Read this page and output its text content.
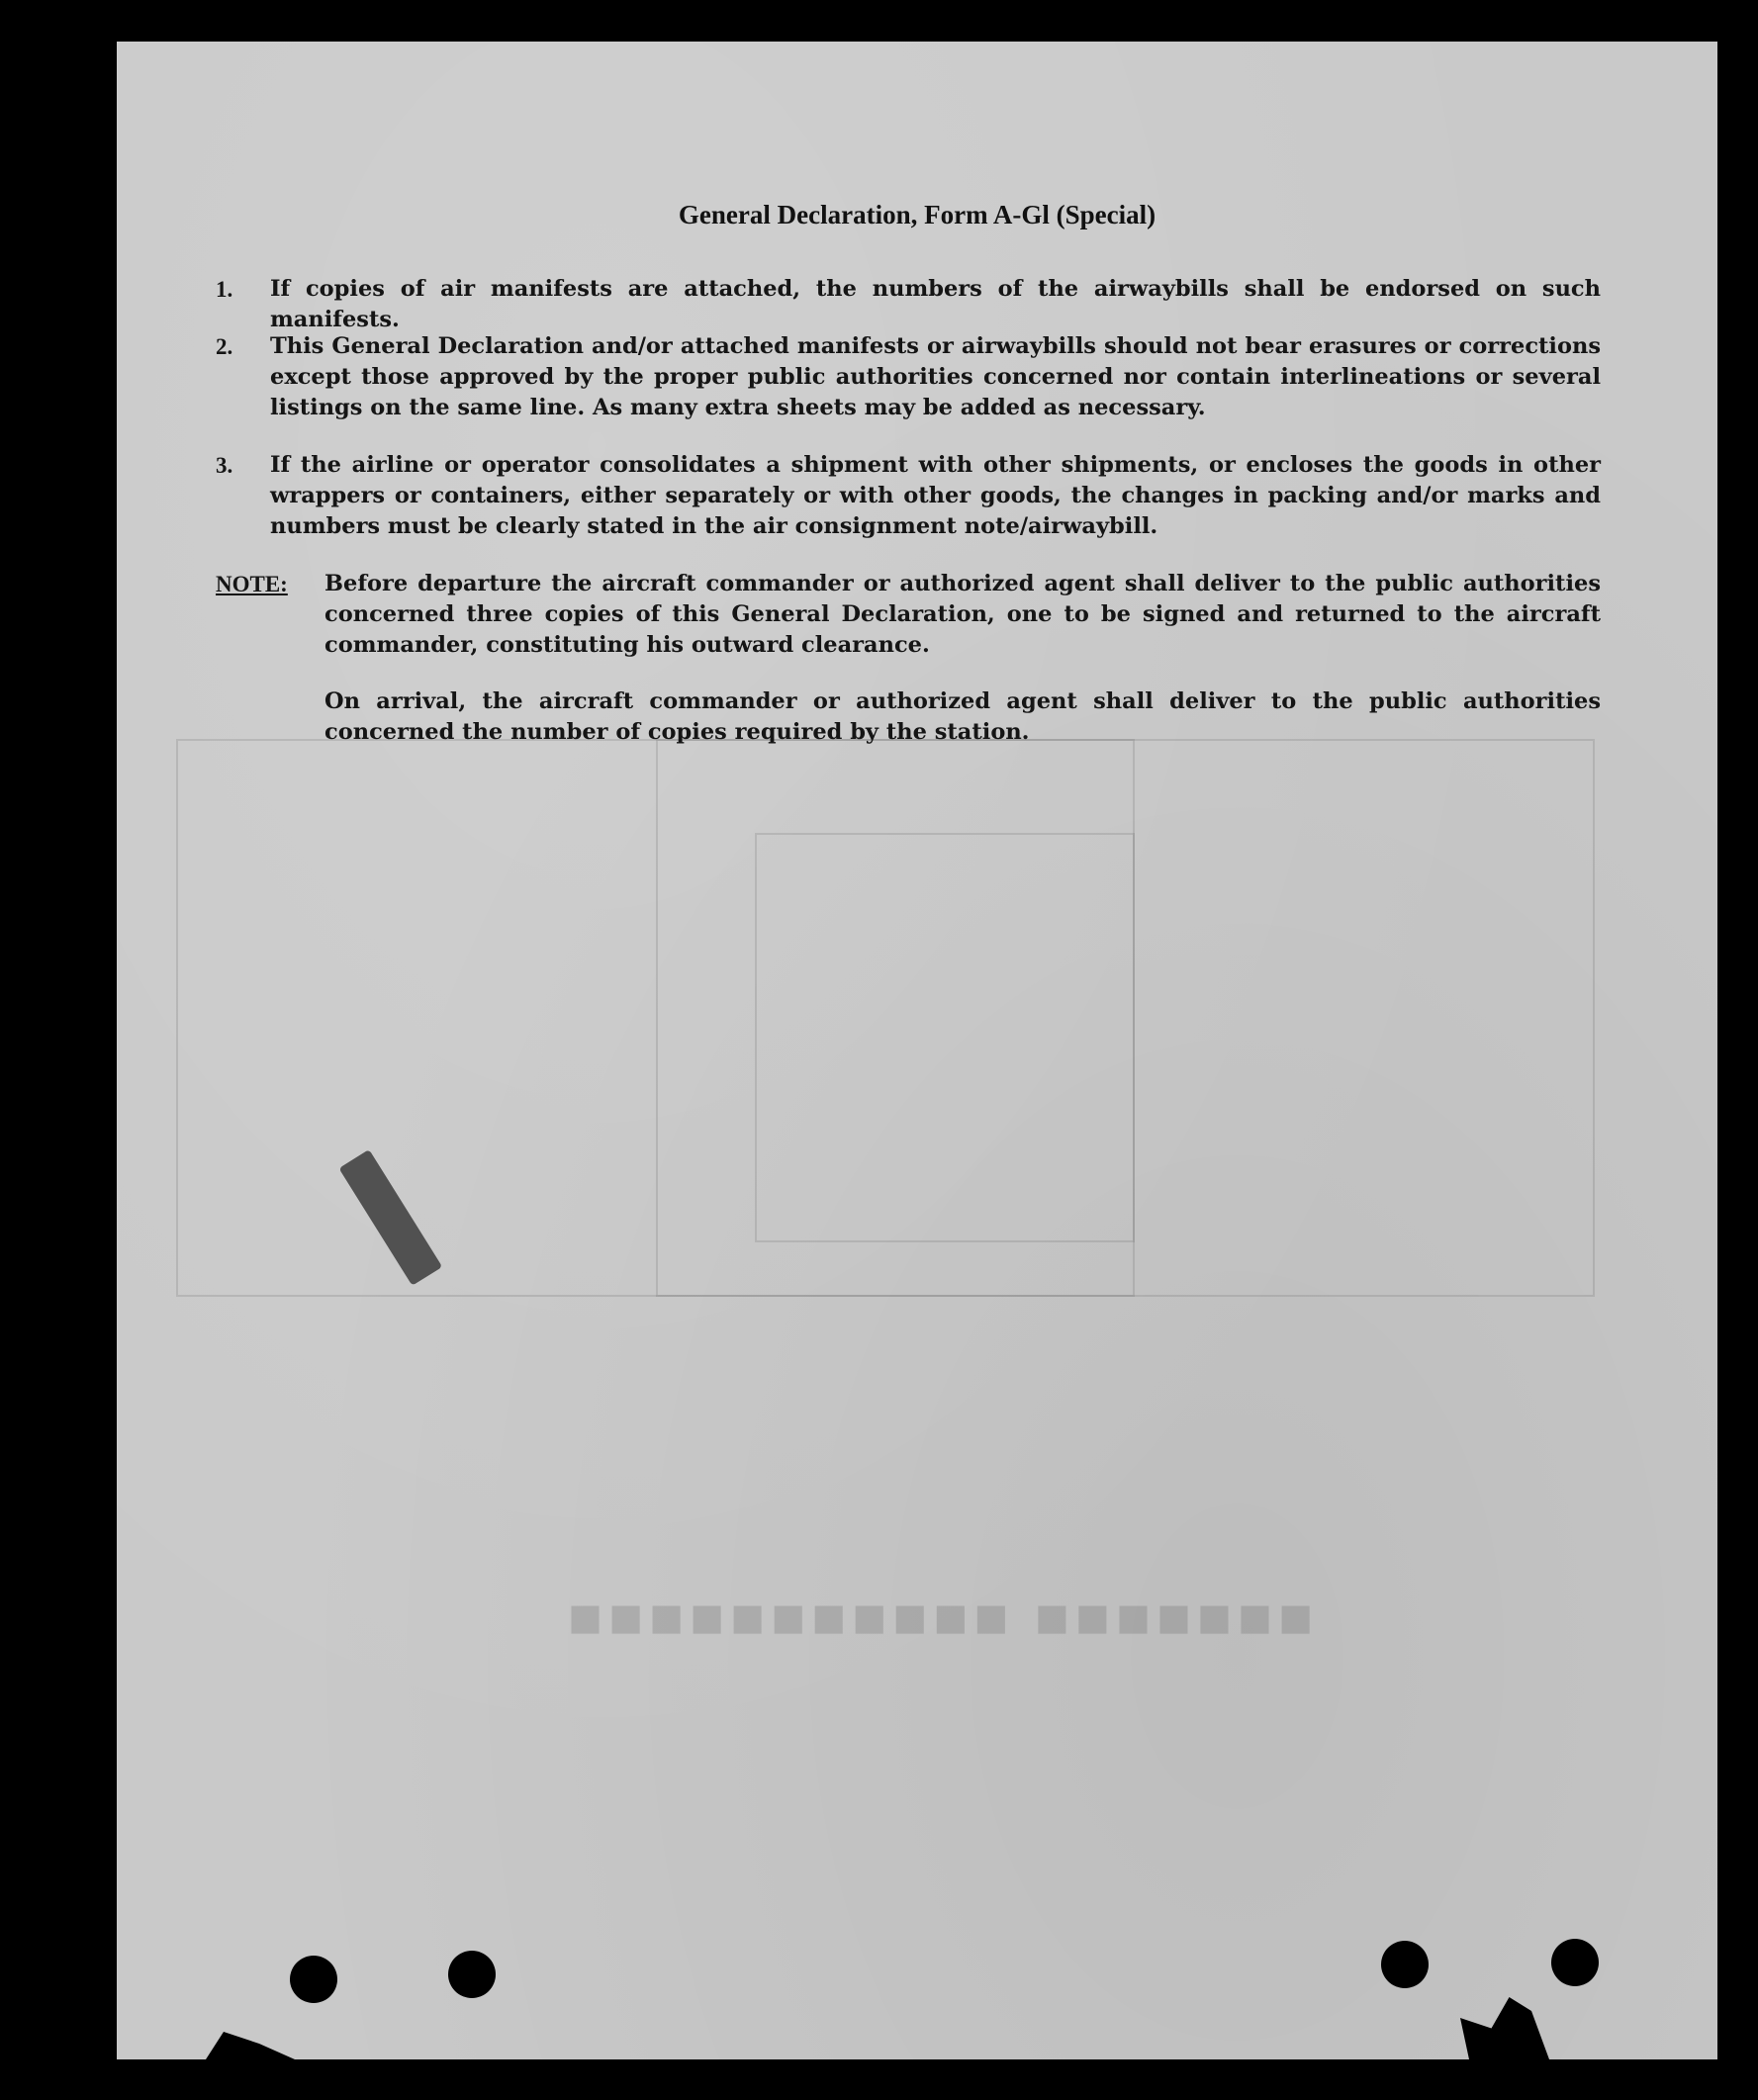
■■■■■■■ ■■■■■■■■■■■
General Declaration, Form A-Gl (Special)
1.	If copies of air manifests are attached, the numbers of the airwaybills shall be endorsed on such manifests.
2.	This General Declaration and/or attached manifests or airwaybills should not bear erasures or corrections except those approved by the proper public authorities concerned nor contain interlineations or several listings on the same line. As many extra sheets may be added as necessary.
3.	If the airline or operator consolidates a shipment with other shipments, or encloses the goods in other wrappers or containers, either separately or with other goods, the changes in packing and/or marks and numbers must be clearly stated in the air consignment note/airwaybill.
NOTE: Before departure the aircraft commander or authorized agent shall deliver to the public authorities concerned three copies of this General Declaration, one to be signed and returned to the aircraft commander, constituting his outward clearance.
On arrival, the aircraft commander or authorized agent shall deliver to the public authorities concerned the number of copies required by the station.
